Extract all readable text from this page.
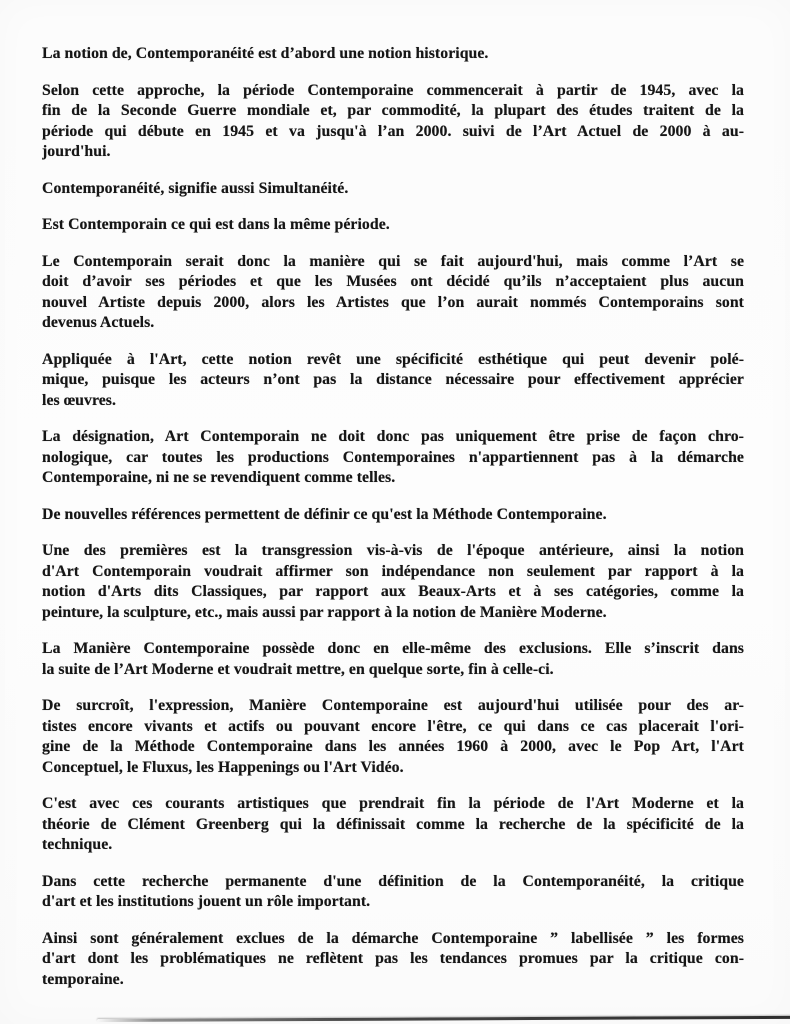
La notion de, Contemporanéité est d’abord une notion historique.
Selon cette approche, la période Contemporaine commencerait à partir de 1945, avec la
fin de la Seconde Guerre mondiale et, par commodité, la plupart des études traitent de la
période qui débute en 1945 et va jusqu'à l’an 2000. suivi de l’Art Actuel de 2000 à au-
jourd'hui.
Contemporanéité, signifie aussi Simultanéité.
Est Contemporain ce qui est dans la même période.
Le Contemporain serait donc la manière qui se fait aujourd'hui, mais comme l’Art se
doit d’avoir ses périodes et que les Musées ont décidé qu’ils n’acceptaient plus aucun
nouvel Artiste depuis 2000, alors les Artistes que l’on aurait nommés Contemporains sont
devenus Actuels.
Appliquée à l'Art, cette notion revêt une spécificité esthétique qui peut devenir polé-
mique, puisque les acteurs n’ont pas la distance nécessaire pour effectivement apprécier
les œuvres.
La désignation, Art Contemporain ne doit donc pas uniquement être prise de façon chro-
nologique, car toutes les productions Contemporaines n'appartiennent pas à la démarche
Contemporaine, ni ne se revendiquent comme telles.
De nouvelles références permettent de définir ce qu'est la Méthode Contemporaine.
Une des premières est la transgression vis-à-vis de l'époque antérieure, ainsi la notion
d'Art Contemporain voudrait affirmer son indépendance non seulement par rapport à la
notion d'Arts dits Classiques, par rapport aux Beaux-Arts et à ses catégories, comme la
peinture, la sculpture, etc., mais aussi par rapport à la notion de Manière Moderne.
La Manière Contemporaine possède donc en elle-même des exclusions. Elle s’inscrit dans
la suite de l’Art Moderne et voudrait mettre, en quelque sorte, fin à celle-ci.
De surcroît, l'expression, Manière Contemporaine est aujourd'hui utilisée pour des ar-
tistes encore vivants et actifs ou pouvant encore l'être, ce qui dans ce cas placerait l'ori-
gine de la Méthode Contemporaine dans les années 1960 à 2000, avec le Pop Art, l'Art
Conceptuel, le Fluxus, les Happenings ou l'Art Vidéo.
C'est avec ces courants artistiques que prendrait fin la période de l'Art Moderne et la
théorie de Clément Greenberg qui la définissait comme la recherche de la spécificité de la
technique.
Dans cette recherche permanente d'une définition de la Contemporanéité, la critique
d'art et les institutions jouent un rôle important.
Ainsi sont généralement exclues de la démarche Contemporaine ” labellisée ” les formes
d'art dont les problématiques ne reflètent pas les tendances promues par la critique con-
temporaine.
